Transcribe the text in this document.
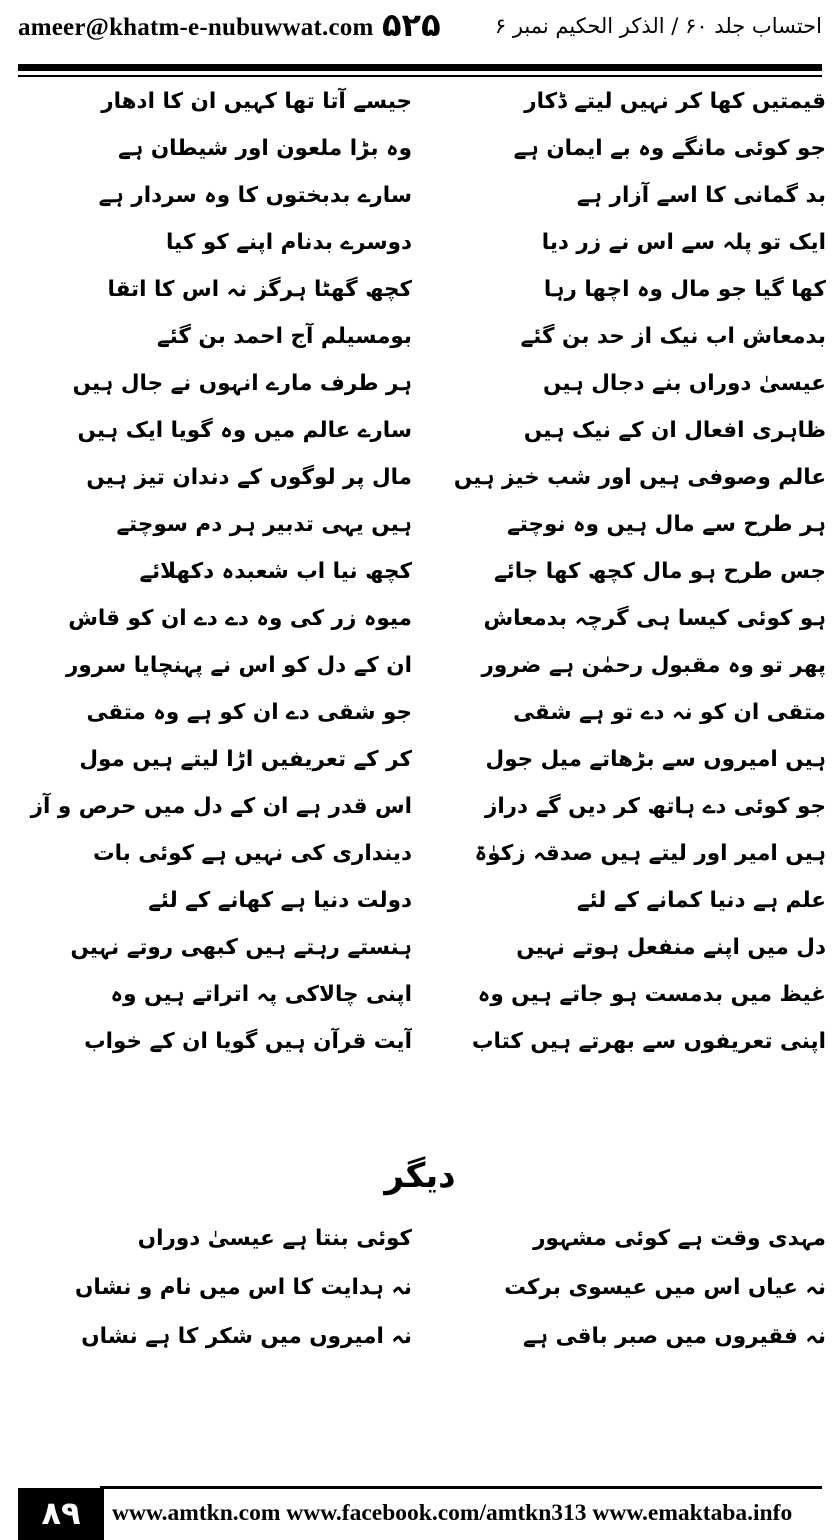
ameer@khatm-e-nubuwwat.com ۵۲۵	احتساب جلد ۶۰ / الذکر الحکیم نمبر ۶
قیمتیں کھا کر نہیں لیتے ڈکار
جو کوئی مانگے وہ بے ایمان ہے
بد گمانی کا اسے آزار ہے
ایک تو پلہ سے اس نے زر دیا
کھا گیا جو مال وہ اچھا رہا
بدمعاش اب نیک از حد بن گئے
عیسیٰ دوراں بنے دجال ہیں
ظاہری افعال ان کے نیک ہیں
عالم وصوفی ہیں اور شب خیز ہیں
ہر طرح سے مال ہیں وہ نوچتے
جس طرح ہو مال کچھ کھا جائے
ہو کوئی کیسا ہی گرچہ بدمعاش
پھر تو وہ مقبول رحمٰن ہے ضرور
متقی ان کو نہ دے تو ہے شقی
ہیں امیروں سے بڑھاتے میل جول
جو کوئی دے ہاتھ کر دیں گے دراز
ہیں امیر اور لیتے ہیں صدقہ زکوٰۃ
علم ہے دنیا کمانے کے لئے
دل میں اپنے منفعل ہوتے نہیں
غیظ میں بدمست ہو جاتے ہیں وہ
اپنی تعریفوں سے بھرتے ہیں کتاب
جیسے آتا تھا کہیں ان کا ادھار
وہ بڑا ملعون اور شیطان ہے
سارے بدبختوں کا وہ سردار ہے
دوسرے بدنام اپنے کو کیا
کچھ گھٹا ہرگز نہ اس کا اتقا
بومسیلم آج احمد بن گئے
ہر طرف مارے انہوں نے جال ہیں
سارے عالم میں وہ گویا ایک ہیں
مال پر لوگوں کے دندان تیز ہیں
ہیں یہی تدبیر ہر دم سوچتے
کچھ نیا اب شعبدہ دکھلائے
میوہ زر کی وہ دے دے ان کو قاش
ان کے دل کو اس نے پہنچایا سرور
جو شقی دے ان کو ہے وہ متقی
کر کے تعریفیں اڑا لیتے ہیں مول
اس قدر ہے ان کے دل میں حرص و آز
دینداری کی نہیں ہے کوئی بات
دولت دنیا ہے کھانے کے لئے
ہنستے رہتے ہیں کبھی روتے نہیں
اپنی چالاکی پہ اتراتے ہیں وہ
آیت قرآن ہیں گویا ان کے خواب
دیگر
مہدی وقت ہے کوئی مشہور
نہ عیاں اس میں عیسوی برکت
نہ فقیروں میں صبر باقی ہے
کوئی بنتا ہے عیسیٰ دوراں
نہ ہدایت کا اس میں نام و نشاں
نہ امیروں میں شکر کا ہے نشاں
۸۹	www.amtkn.com www.facebook.com/amtkn313 www.emaktaba.info
